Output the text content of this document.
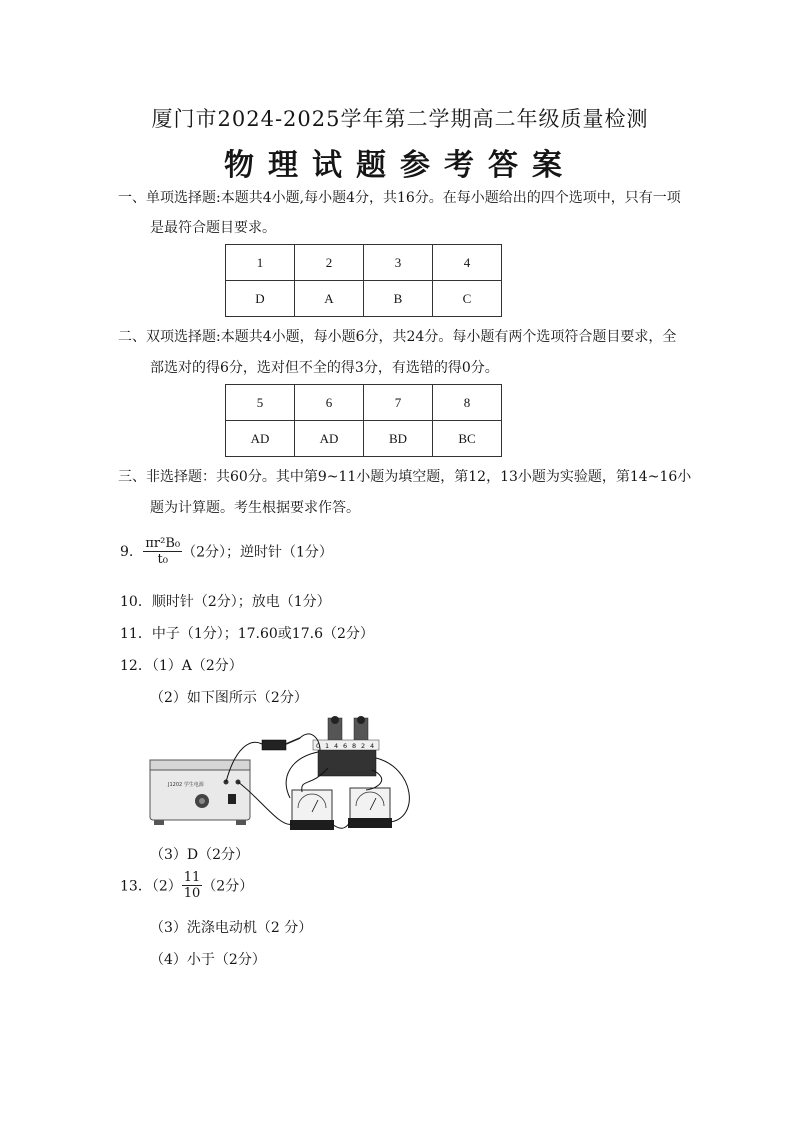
厦门市2024-2025学年第二学期高二年级质量检测
物理试题参考答案
一、单项选择题:本题共4小题,每小题4分，共16分。在每小题给出的四个选项中，只有一项
是最符合题目要求。
1	2	3	4
D	A	B	C
二、双项选择题:本题共4小题，每小题6分，共24分。每小题有两个选项符合题目要求，全
部选对的得6分，选对但不全的得3分，有选错的得0分。
5	6	7	8
AD	AD	BD	BC
三、非选择题：共60分。其中第9~11小题为填空题，第12，13小题为实验题，第14~16小
题为计算题。考生根据要求作答。
9. $\frac{\text{πr²B₀}}{\text{t₀}} (2$分）；逆时针（1分）
10．顺时针（2分）；放电（1分）
11．中子（1分）；17.60或17.6（2分）
12．（1）A（2分）
（2）如下图所示（2分）
J1202 学生电源
0 1 4 6 8 2 4
（3）D（2分）
13．$(2) \frac{11}{10} (2$分）
（3）洗涤电动机（2 分）
（4）小于（2分）
